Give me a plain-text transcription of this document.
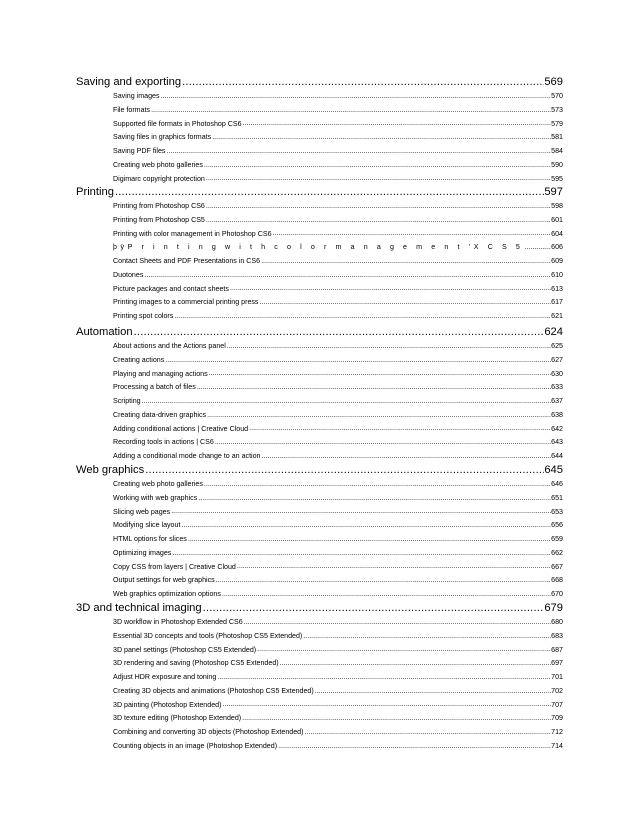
Saving and exporting .....	569
Saving images .....	570
File formats .....	573
Supported file formats in Photoshop CS6 .....	579
Saving files in graphics formats .....	581
Saving PDF files .....	584
Creating web photo galleries .....	590
Digimarc copyright protection .....	595
Printing .....	597
Printing from Photoshop CS6 .....	598
Printing from Photoshop CS5 .....	601
Printing with color management in Photoshop CS6 .....	604
þÿP r i n t i n g w i t h c o l o r m a n a g e m e n t ’X C S 5 .....	606
Contact Sheets and PDF Presentations in CS6 .....	609
Duotones .....	610
Picture packages and contact sheets .....	613
Printing images to a commercial printing press .....	617
Printing spot colors .....	621
Automation .....	624
About actions and the Actions panel .....	625
Creating actions .....	627
Playing and managing actions .....	630
Processing a batch of files .....	633
Scripting .....	637
Creating data-driven graphics .....	638
Adding conditional actions | Creative Cloud .....	642
Recording tools in actions | CS6 .....	643
Adding a conditional mode change to an action .....	644
Web graphics .....	645
Creating web photo galleries .....	646
Working with web graphics .....	651
Slicing web pages .....	653
Modifying slice layout .....	656
HTML options for slices .....	659
Optimizing images .....	662
Copy CSS from layers | Creative Cloud .....	667
Output settings for web graphics .....	668
Web graphics optimization options .....	670
3D and technical imaging .....	679
3D workflow in Photoshop Extended CS6 .....	680
Essential 3D concepts and tools (Photoshop CS5 Extended) .....	683
3D panel settings (Photoshop CS5 Extended) .....	687
3D rendering and saving (Photoshop CS5 Extended) .....	697
Adjust HDR exposure and toning .....	701
Creating 3D objects and animations (Photoshop CS5 Extended) .....	702
3D painting (Photoshop Extended) .....	707
3D texture editing (Photoshop Extended) .....	709
Combining and converting 3D objects (Photoshop Extended) .....	712
Counting objects in an image (Photoshop Extended) .....	714
